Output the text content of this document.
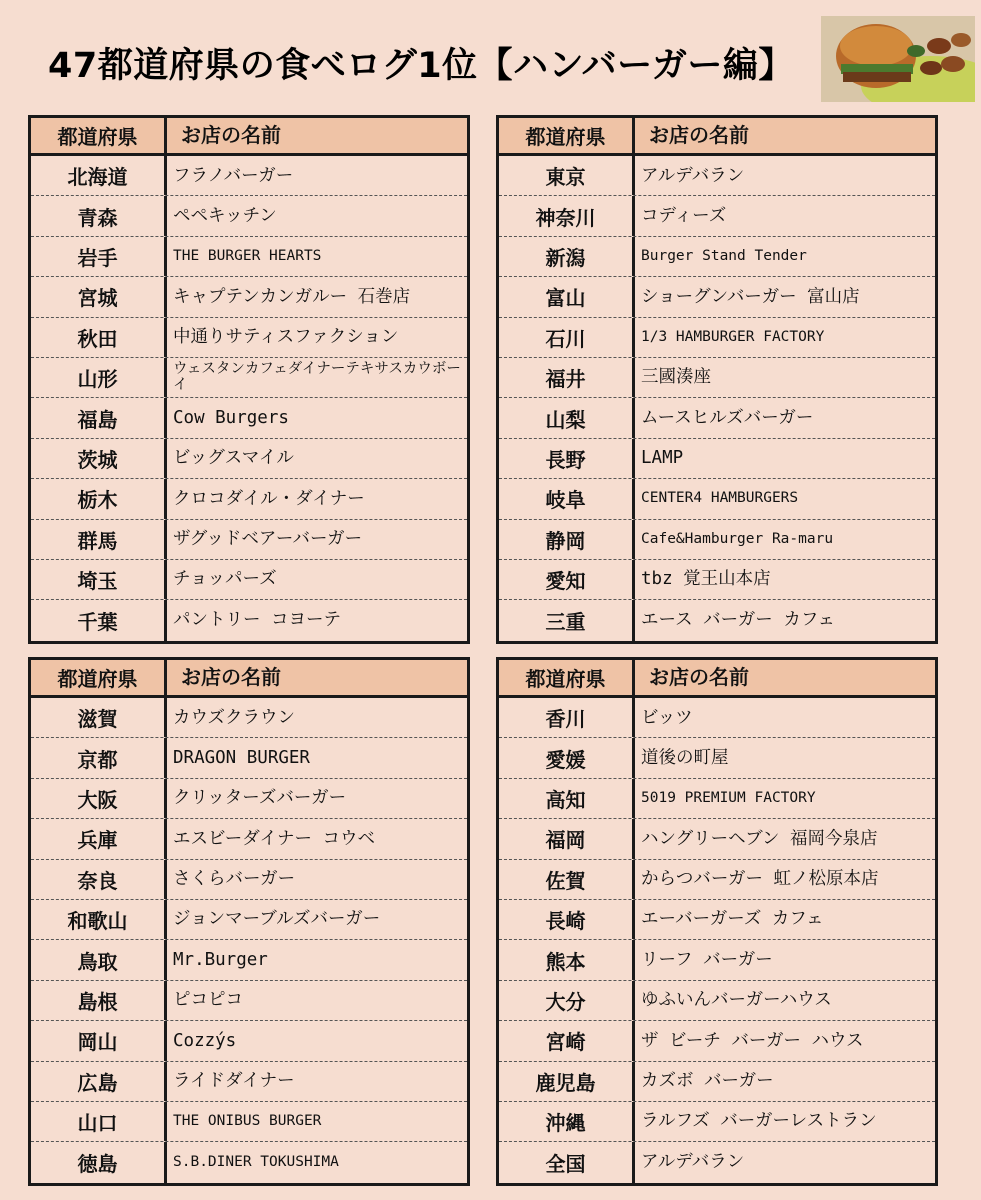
47都道府県の食べログ1位【ハンバーガー編】
都道府県	お店の名前
北海道	フラノバーガー
青森	ペペキッチン
岩手	THE BURGER HEARTS
宮城	キャプテンカンガルー 石巻店
秋田	中通りサティスファクション
山形	ウェスタンカフェダイナーテキサスカウボーイ
福島	Cow Burgers
茨城	ビッグスマイル
栃木	クロコダイル・ダイナー
群馬	ザグッドベアーバーガー
埼玉	チョッパーズ
千葉	パントリー コヨーテ
都道府県	お店の名前
東京	アルデバラン
神奈川	コディーズ
新潟	Burger Stand Tender
富山	ショーグンバーガー 富山店
石川	1/3 HAMBURGER FACTORY
福井	三國湊座
山梨	ムースヒルズバーガー
長野	LAMP
岐阜	CENTER4 HAMBURGERS
静岡	Cafe&Hamburger Ra-maru
愛知	tbz 覚王山本店
三重	エース バーガー カフェ
都道府県	お店の名前
滋賀	カウズクラウン
京都	DRAGON BURGER
大阪	クリッターズバーガー
兵庫	エスビーダイナー コウベ
奈良	さくらバーガー
和歌山	ジョンマーブルズバーガー
鳥取	Mr.Burger
島根	ピコピコ
岡山	Cozzýs
広島	ライドダイナー
山口	THE ONIBUS BURGER
徳島	S.B.DINER TOKUSHIMA
都道府県	お店の名前
香川	ビッツ
愛媛	道後の町屋
高知	5019 PREMIUM FACTORY
福岡	ハングリーヘブン 福岡今泉店
佐賀	からつバーガー 虹ノ松原本店
長崎	エーバーガーズ カフェ
熊本	リーフ バーガー
大分	ゆふいんバーガーハウス
宮崎	ザ ビーチ バーガー ハウス
鹿児島	カズボ バーガー
沖縄	ラルフズ バーガーレストラン
全国	アルデバラン
